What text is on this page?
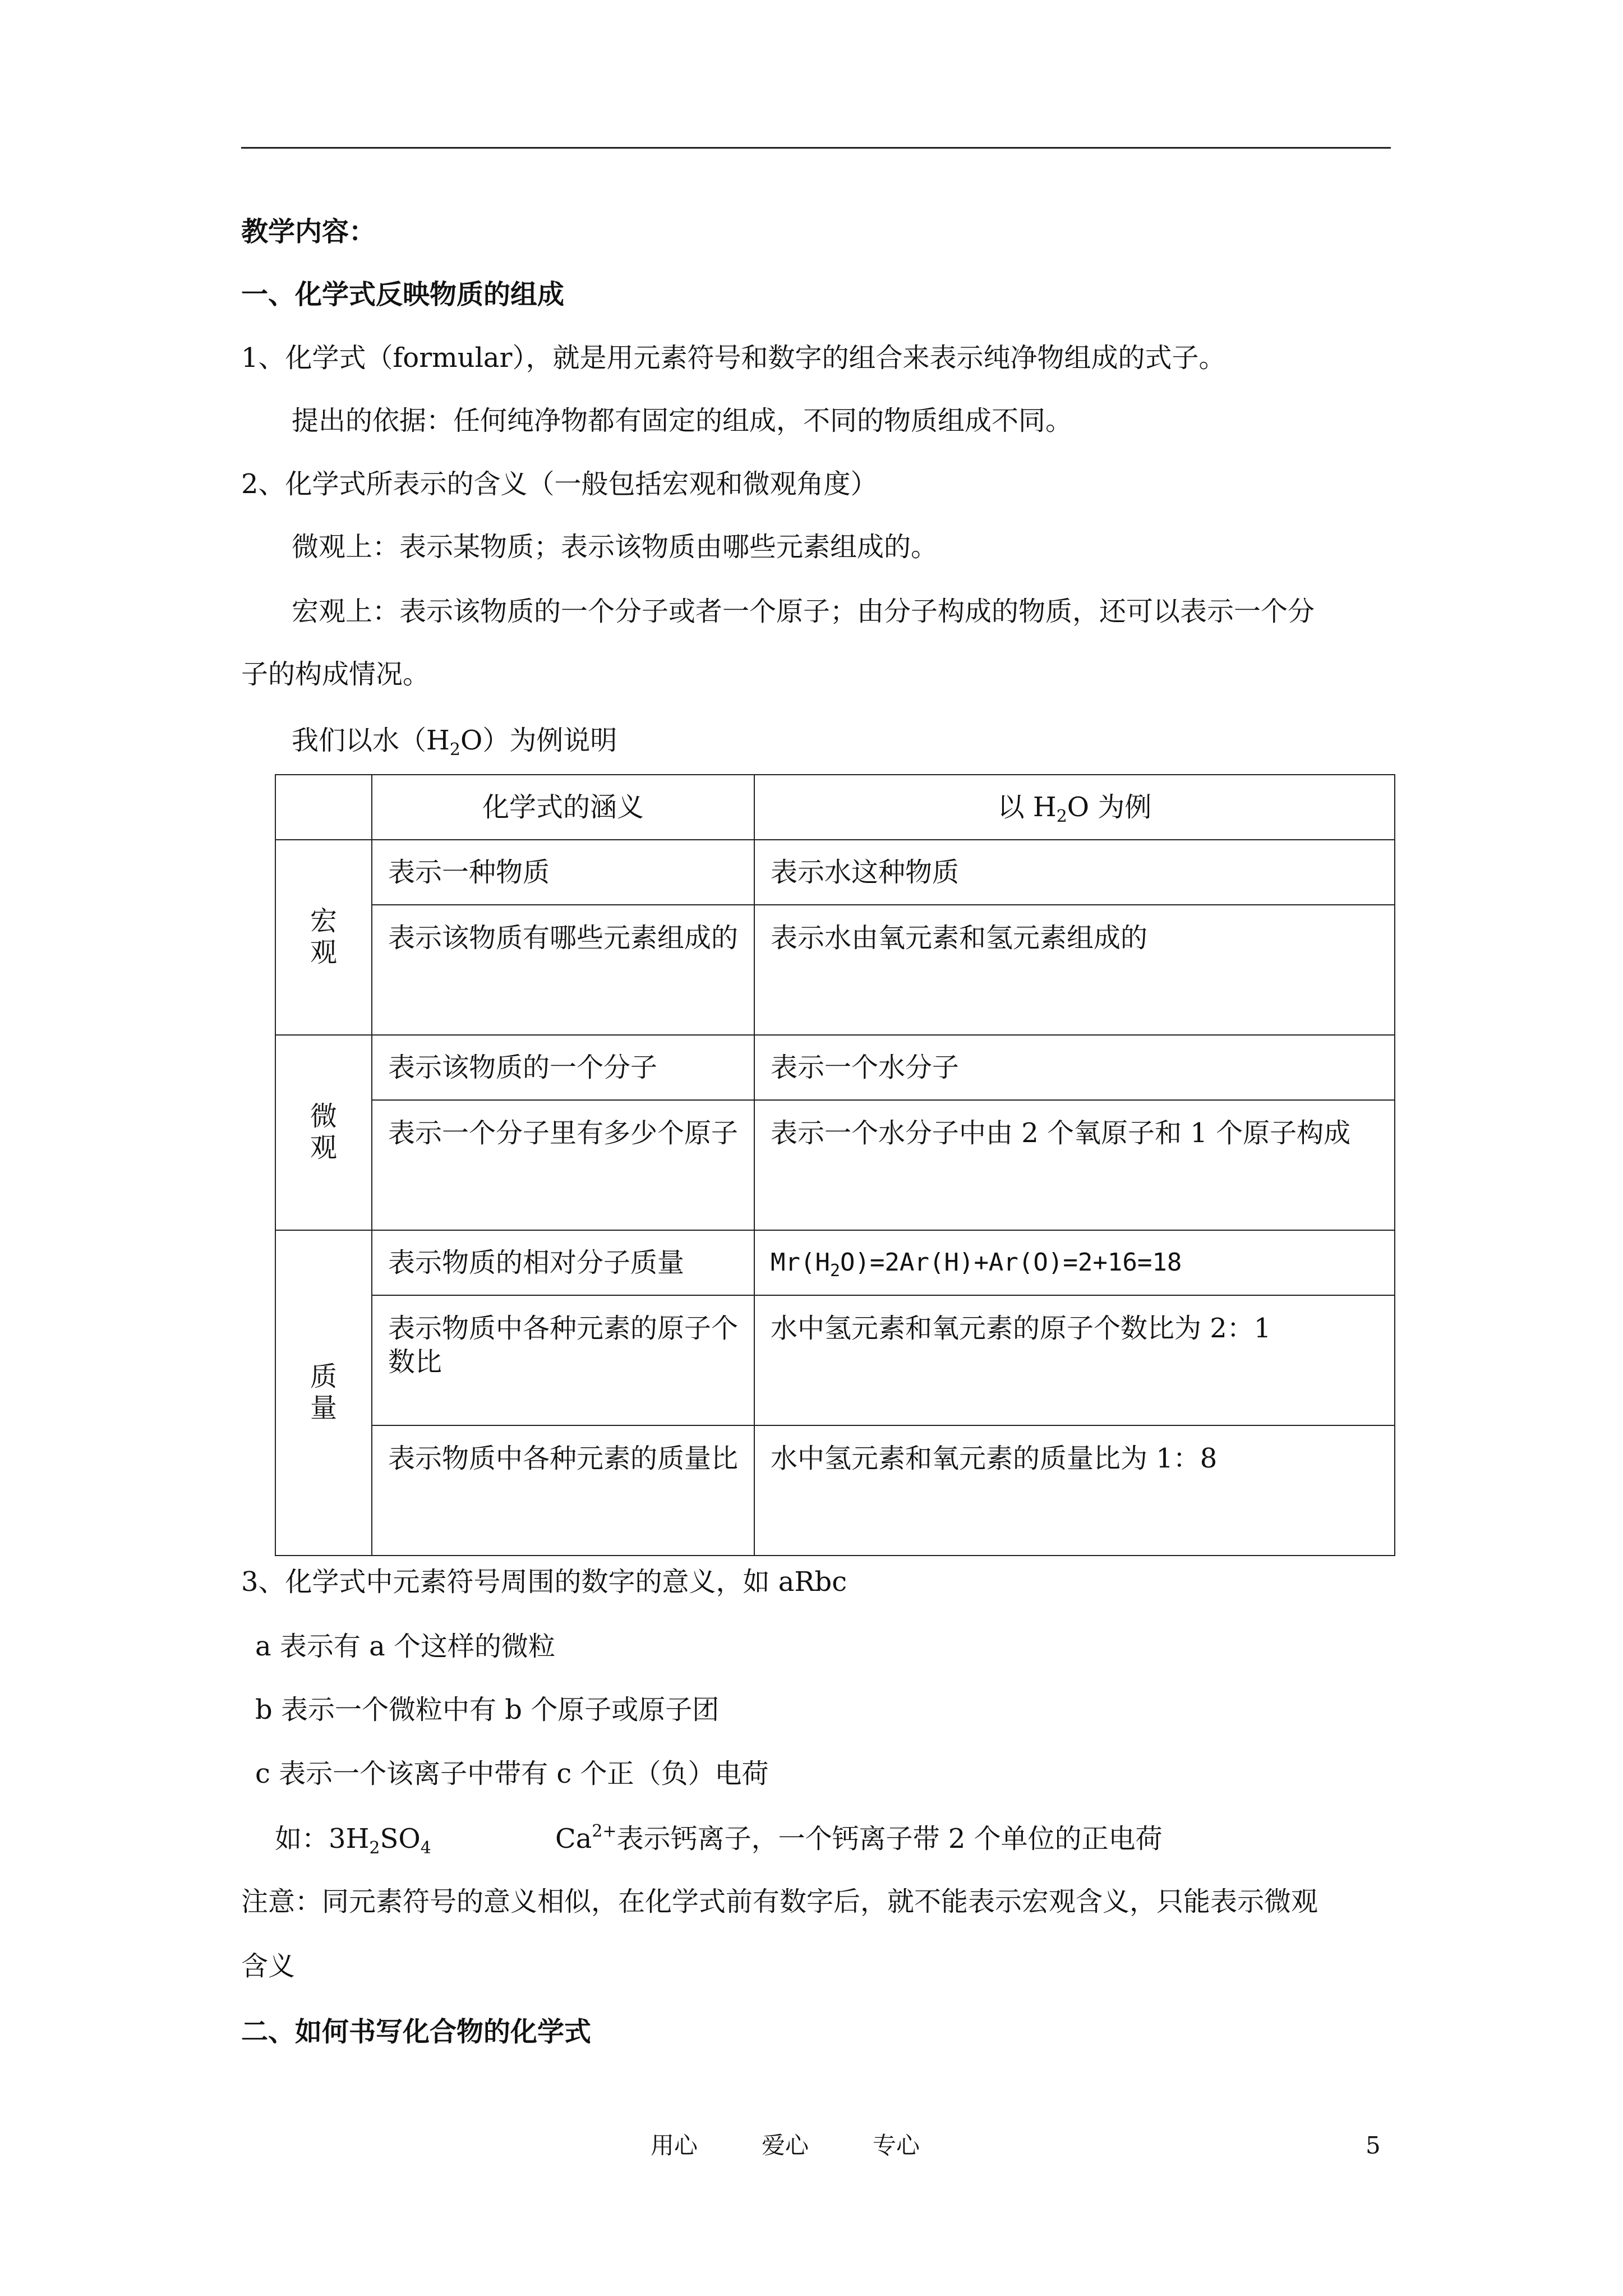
教学内容：
一、化学式反映物质的组成
1、化学式（formular），就是用元素符号和数字的组合来表示纯净物组成的式子。
提出的依据：任何纯净物都有固定的组成，不同的物质组成不同。
2、化学式所表示的含义（一般包括宏观和微观角度）
微观上：表示某物质；表示该物质由哪些元素组成的。
宏观上：表示该物质的一个分子或者一个原子；由分子构成的物质，还可以表示一个分
子的构成情况。
我们以水$(H_2O)$为例说明
	化学式的涵义	以 $H_2O$ 为例
宏观	表示一种物质	表示水这种物质
	表示该物质有哪些元素组成的	表示水由氧元素和氢元素组成的
微观	表示该物质的一个分子	表示一个水分子
	表示一个分子里有多少个原子	表示一个水分子中由 2 个氧原子和 1 个原子构成
质量	表示物质的相对分子质量	$Mr(H_2O)=2Ar(H)+Ar(O)=2+16=18$
	表示物质中各种元素的原子个数比	水中氢元素和氧元素的原子个数比为 2：1
	表示物质中各种元素的质量比	水中氢元素和氧元素的质量比为 1：8
3、化学式中元素符号周围的数字的意义，如 aRbc
a 表示有 a 个这样的微粒
b 表示一个微粒中有 b 个原子或原子团
c 表示一个该离子中带有 c 个正（负）电荷
如：$3H_2SO_4$	$Ca^{2+}$表示钙离子，一个钙离子带 2 个单位的正电荷
注意：同元素符号的意义相似，在化学式前有数字后，就不能表示宏观含义，只能表示微观
含义
二、如何书写化合物的化学式
用心	爱心	专心	5
